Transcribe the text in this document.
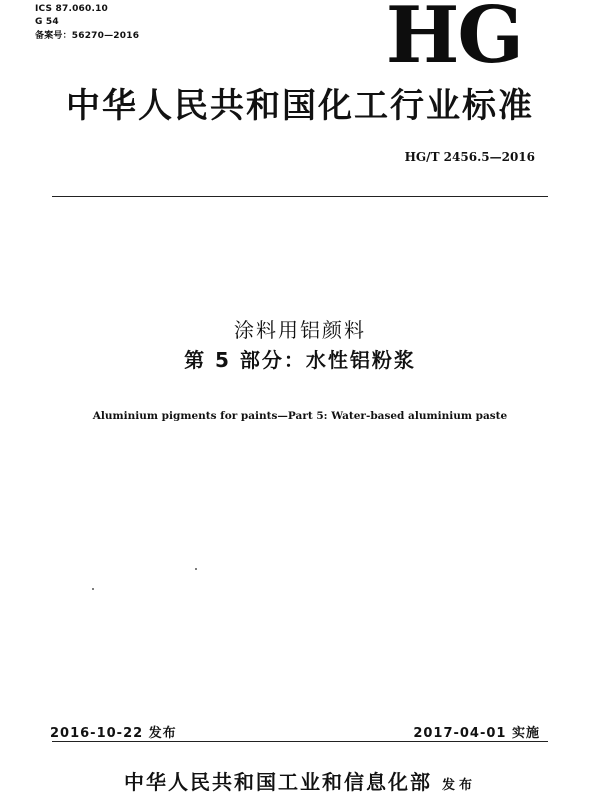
ICS 87.060.10
G 54
备案号：56270—2016	HG
中华人民共和国化工行业标准
HG/T 2456.5—2016
涂料用铝颜料
第 5 部分：水性铝粉浆
Aluminium pigments for paints—Part 5: Water-based aluminium paste
2016-10-22 发布	2017-04-01 实施
中华人民共和国工业和信息化部 发布
